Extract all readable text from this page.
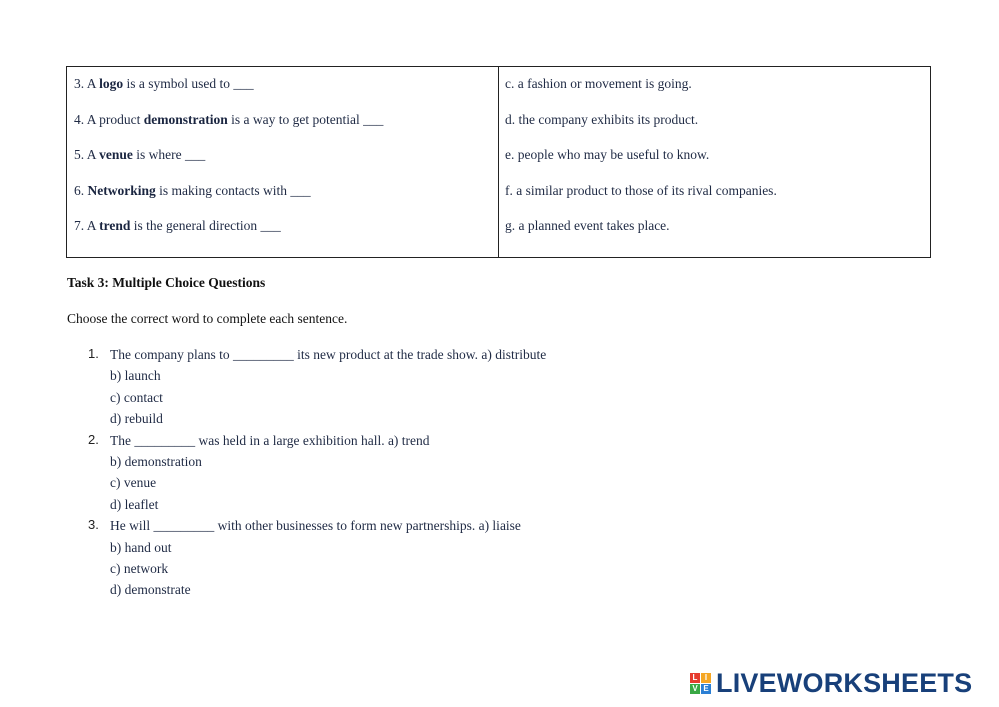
3. A logo is a symbol used to ___
4. A product demonstration is a way to get potential ___
5. A venue is where ___
6. Networking is making contacts with ___
7. A trend is the general direction ___
c. a fashion or movement is going.
d. the company exhibits its product.
e. people who may be useful to know.
f. a similar product to those of its rival companies.
g. a planned event takes place.
Task 3: Multiple Choice Questions
Choose the correct word to complete each sentence.
1. The company plans to _________ its new product at the trade show. a) distribute
b) launch
c) contact
d) rebuild
2. The _________ was held in a large exhibition hall. a) trend
b) demonstration
c) venue
d) leaflet
3. He will _________ with other businesses to form new partnerships. a) liaise
b) hand out
c) network
d) demonstrate
L I
V E LIVEWORKSHEETS
